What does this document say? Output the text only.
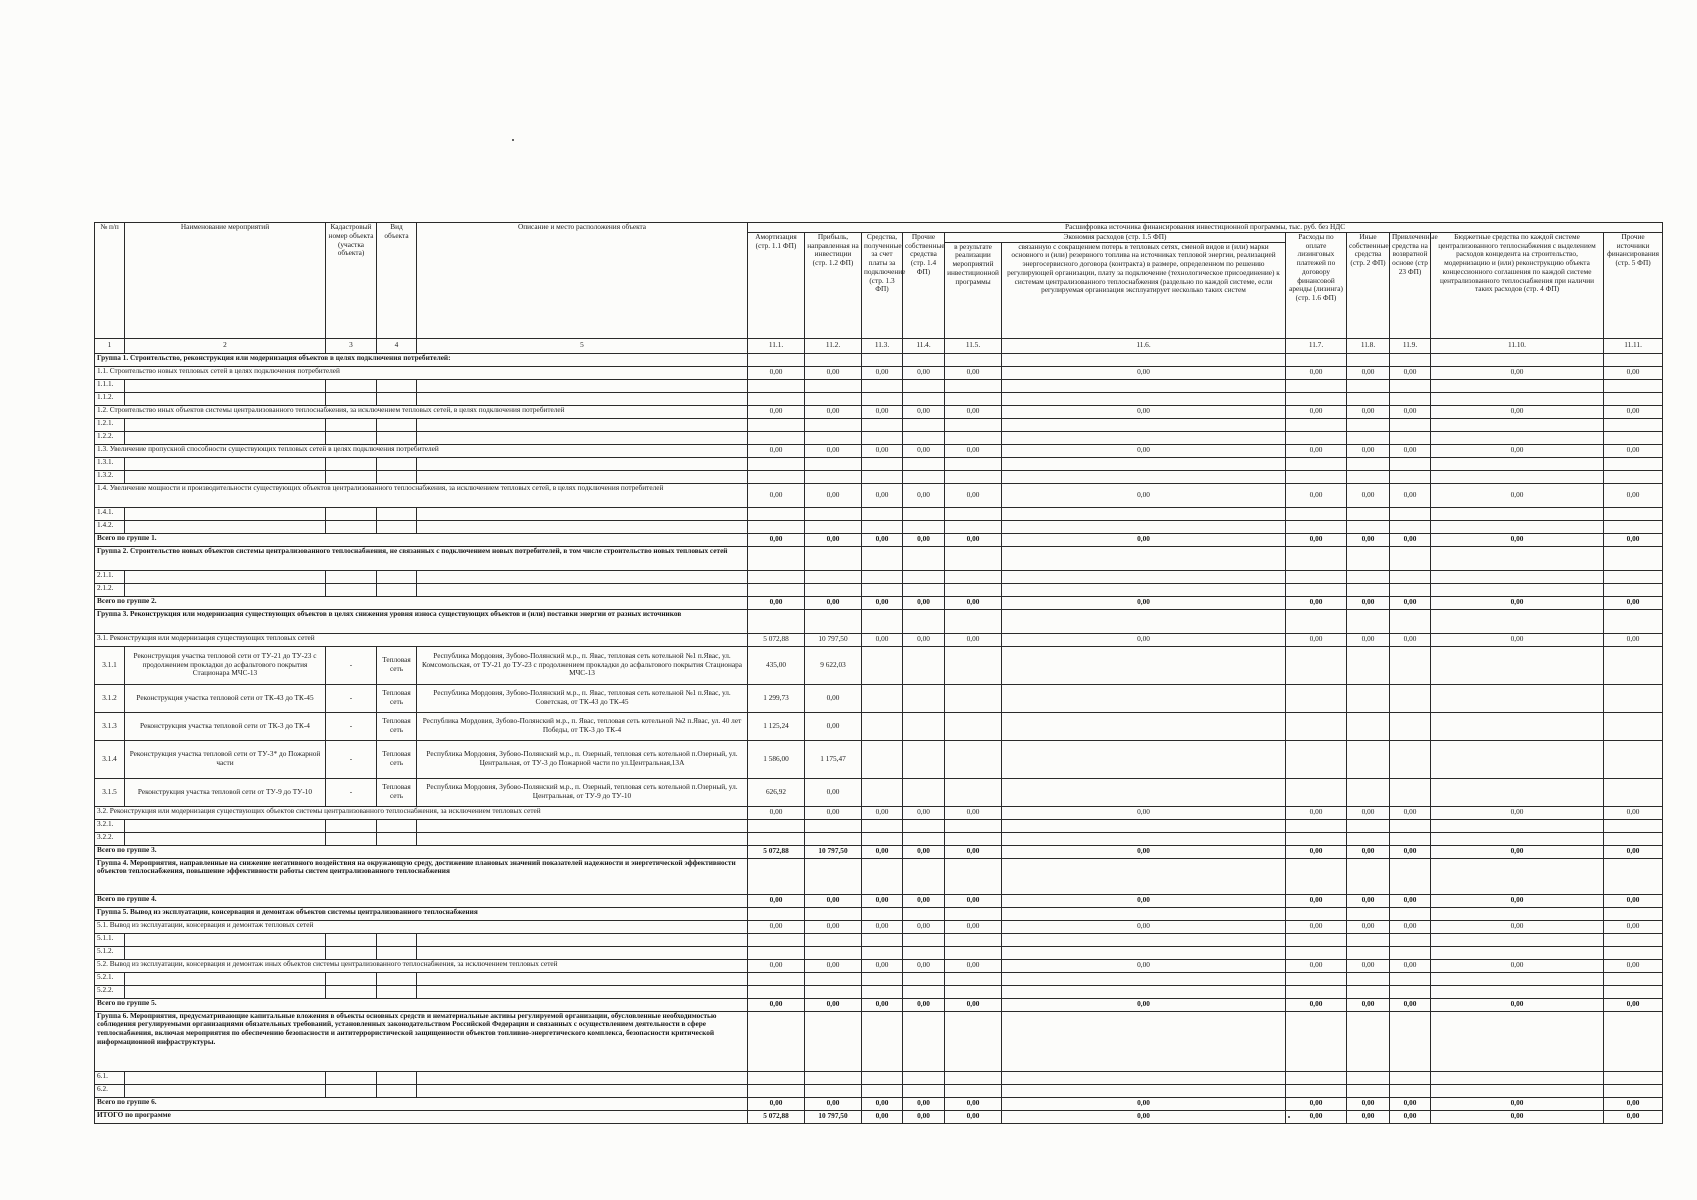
№ п/п	Наименование мероприятий	Кадастровый номер объекта (участка объекта)	Вид объекта	Описание и место расположения объекта	Расшифровка источника финансирования инвестиционной программы, тыс. руб. без НДС										
					Амортизация (стр. 1.1 ФП)	Прибыль, направленная на инвестиции (стр. 1.2 ФП)	Средства, полученные за счет платы за подключение (стр. 1.3 ФП)	Прочие собственные средства (стр. 1.4 ФП)	Экономия расходов (стр. 1.5 ФП)		Расходы по оплате лизинговых платежей по договору финансовой аренды (лизинга) (стр. 1.6 ФП)	Иные собственные средства (стр. 2 ФП)	Привлеченные средства на возвратной основе (стр 23 ФП)	Бюджетные средства по каждой системе централизованного теплоснабжения с выделением расходов концедента на строительство, модернизацию и (или) реконструкцию объекта концессионного соглашения по каждой системе централизованного теплоснабжения при наличии таких расходов (стр. 4 ФП)	Прочие источники финансирования (стр. 5 ФП)
									в результате реализации мероприятий инвестиционной программы	связанную с сокращением потерь в тепловых сетях, сменой видов и (или) марки основного и (или) резервного топлива на источниках тепловой энергии, реализацией энергосервисного договора (контракта) в размере, определенном по решению регулирующей организации, плату за подключение (технологическое присоединение) к системам централизованного теплоснабжения (раздельно по каждой системе, если регулируемая организация эксплуатирует несколько таких систем					
1	2	3	4	5	11.1.	11.2.	11.3.	11.4.	11.5.	11.6.	11.7.	11.8.	11.9.	11.10.	11.11.
Группа 1. Строительство, реконструкция или модернизация объектов в целях подключения потребителей:															
1.1. Строительство новых тепловых сетей в целях подключения потребителей					0,00	0,00	0,00	0,00	0,00	0,00	0,00	0,00	0,00	0,00	0,00
1.1.1.															
1.1.2.															
1.2. Строительство иных объектов системы централизованного теплоснабжения, за исключением тепловых сетей, в целях подключения потребителей					0,00	0,00	0,00	0,00	0,00	0,00	0,00	0,00	0,00	0,00	0,00
1.2.1.															
1.2.2.															
1.3. Увеличение пропускной способности существующих тепловых сетей в целях подключения потребителей					0,00	0,00	0,00	0,00	0,00	0,00	0,00	0,00	0,00	0,00	0,00
1.3.1.															
1.3.2.															
1.4. Увеличение мощности и производительности существующих объектов централизованного теплоснабжения, за исключением тепловых сетей, в целях подключения потребителей					0,00	0,00	0,00	0,00	0,00	0,00	0,00	0,00	0,00	0,00	0,00
1.4.1.															
1.4.2.															
Всего по группе 1.					0,00	0,00	0,00	0,00	0,00	0,00	0,00	0,00	0,00	0,00	0,00
Группа 2. Строительство новых объектов системы централизованного теплоснабжения, не связанных с подключением новых потребителей, в том числе строительство новых тепловых сетей															
2.1.1.															
2.1.2.															
Всего по группе 2.					0,00	0,00	0,00	0,00	0,00	0,00	0,00	0,00	0,00	0,00	0,00
Группа 3. Реконструкция или модернизация существующих объектов в целях снижения уровня износа существующих объектов и (или) поставки энергии от разных источников															
3.1. Реконструкция или модернизация существующих тепловых сетей					5 072,88	10 797,50	0,00	0,00	0,00	0,00	0,00	0,00	0,00	0,00	0,00
3.1.1	Реконструкция участка тепловой сети от ТУ-21 до ТУ-23 с продолжением прокладки до асфальтового покрытия Стационара МЧС-13	-	Тепловая сеть	Республика Мордовия, Зубово-Полянский м.р., п. Явас, тепловая сеть котельной №1 п.Явас, ул. Комсомольская, от ТУ-21 до ТУ-23 с продолжением прокладки до асфальтового покрытия Стационара МЧС-13	435,00	9 622,03									
3.1.2	Реконструкция участка тепловой сети от ТК-43 до ТК-45	-	Тепловая сеть	Республика Мордовия, Зубово-Полянский м.р., п. Явас, тепловая сеть котельной №1 п.Явас, ул. Советская, от ТК-43 до ТК-45	1 299,73	0,00									
3.1.3	Реконструкция участка тепловой сети от ТК-3 до ТК-4	-	Тепловая сеть	Республика Мордовия, Зубово-Полянский м.р., п. Явас, тепловая сеть котельной №2 п.Явас, ул. 40 лет Победы, от ТК-3 до ТК-4	1 125,24	0,00									
3.1.4	Реконструкция участка тепловой сети от ТУ-3* до Пожарной части	-	Тепловая сеть	Республика Мордовия, Зубово-Полянский м.р., п. Озерный, тепловая сеть котельной п.Озерный, ул. Центральная, от ТУ-3 до Пожарной части по ул.Центральная,13А	1 586,00	1 175,47									
3.1.5	Реконструкция участка тепловой сети от ТУ-9 до ТУ-10	-	Тепловая сеть	Республика Мордовия, Зубово-Полянский м.р., п. Озерный, тепловая сеть котельной п.Озерный, ул. Центральная, от ТУ-9 до ТУ-10	626,92	0,00									
3.2. Реконструкция или модернизация существующих объектов системы централизованного теплоснабжения, за исключением тепловых сетей					0,00	0,00	0,00	0,00	0,00	0,00	0,00	0,00	0,00	0,00	0,00
3.2.1.															
3.2.2.															
Всего по группе 3.					5 072,88	10 797,50	0,00	0,00	0,00	0,00	0,00	0,00	0,00	0,00	0,00
Группа 4. Мероприятия, направленные на снижение негативного воздействия на окружающую среду, достижение плановых значений показателей надежности и энергетической эффективности объектов теплоснабжения, повышение эффективности работы систем централизованного теплоснабжения															
Всего по группе 4.					0,00	0,00	0,00	0,00	0,00	0,00	0,00	0,00	0,00	0,00	0,00
Группа 5. Вывод из эксплуатации, консервация и демонтаж объектов системы централизованного теплоснабжения															
5.1. Вывод из эксплуатации, консервация и демонтаж тепловых сетей					0,00	0,00	0,00	0,00	0,00	0,00	0,00	0,00	0,00	0,00	0,00
5.1.1.															
5.1.2.															
5.2. Вывод из эксплуатации, консервация и демонтаж иных объектов системы централизованного теплоснабжения, за исключением тепловых сетей					0,00	0,00	0,00	0,00	0,00	0,00	0,00	0,00	0,00	0,00	0,00
5.2.1.															
5.2.2.															
Всего по группе 5.					0,00	0,00	0,00	0,00	0,00	0,00	0,00	0,00	0,00	0,00	0,00
Группа 6. Мероприятия, предусматривающие капитальные вложения в объекты основных средств и нематериальные активы регулируемой организации, обусловленные необходимостью соблюдения регулируемыми организациями обязательных требований, установленных законодательством Российской Федерации и связанных с осуществлением деятельности в сфере теплоснабжения, включая мероприятия по обеспечению безопасности и антитеррористической защищенности объектов топливно-энергетического комплекса, безопасности критической информационной инфраструктуры.															
6.1.															
6.2.															
Всего по группе 6.					0,00	0,00	0,00	0,00	0,00	0,00	0,00	0,00	0,00	0,00	0,00
ИТОГО по программе					5 072,88	10 797,50	0,00	0,00	0,00	0,00	0,00	0,00	0,00	0,00	0,00
